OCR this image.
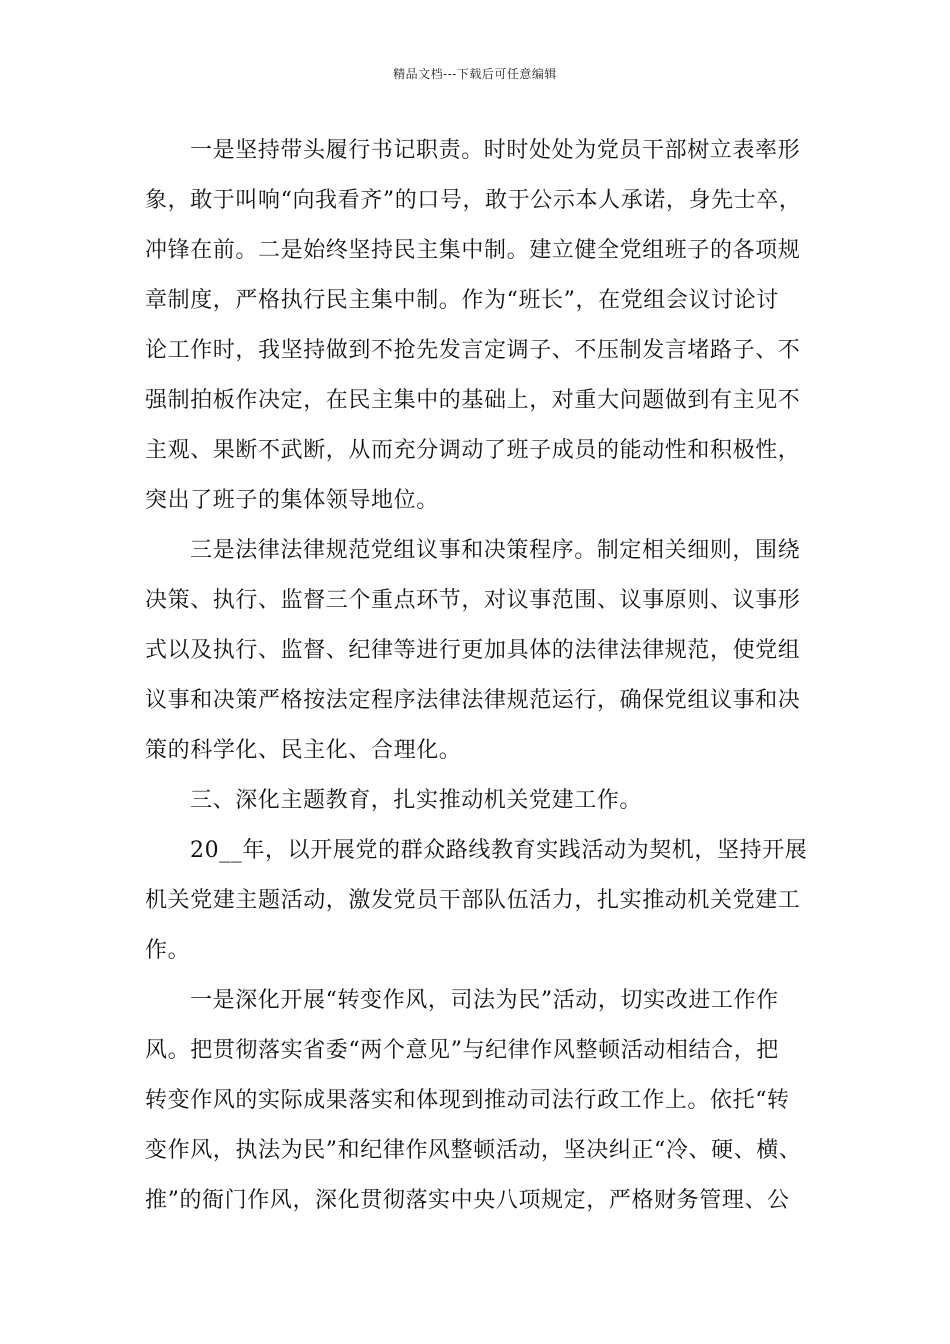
精品文档---下载后可任意编辑
一是坚持带头履行书记职责。时时处处为党员干部树立表率形
象，敢于叫响“向我看齐”的口号，敢于公示本人承诺，身先士卒，
冲锋在前。二是始终坚持民主集中制。建立健全党组班子的各项规
章制度，严格执行民主集中制。作为“班长”，在党组会议讨论讨
论工作时，我坚持做到不抢先发言定调子、不压制发言堵路子、不
强制拍板作决定，在民主集中的基础上，对重大问题做到有主见不
主观、果断不武断，从而充分调动了班子成员的能动性和积极性，
突出了班子的集体领导地位。
三是法律法律规范党组议事和决策程序。制定相关细则，围绕
决策、执行、监督三个重点环节，对议事范围、议事原则、议事形
式以及执行、监督、纪律等进行更加具体的法律法律规范，使党组
议事和决策严格按法定程序法律法律规范运行，确保党组议事和决
策的科学化、民主化、合理化。
三、深化主题教育，扎实推动机关党建工作。
20__年，以开展党的群众路线教育实践活动为契机，坚持开展
机关党建主题活动，激发党员干部队伍活力，扎实推动机关党建工
作。
一是深化开展“转变作风，司法为民”活动，切实改进工作作
风。把贯彻落实省委“两个意见”与纪律作风整顿活动相结合，把
转变作风的实际成果落实和体现到推动司法行政工作上。依托“转
变作风，执法为民”和纪律作风整顿活动，坚决纠正“冷、硬、横、
推”的衙门作风，深化贯彻落实中央八项规定，严格财务管理、公
